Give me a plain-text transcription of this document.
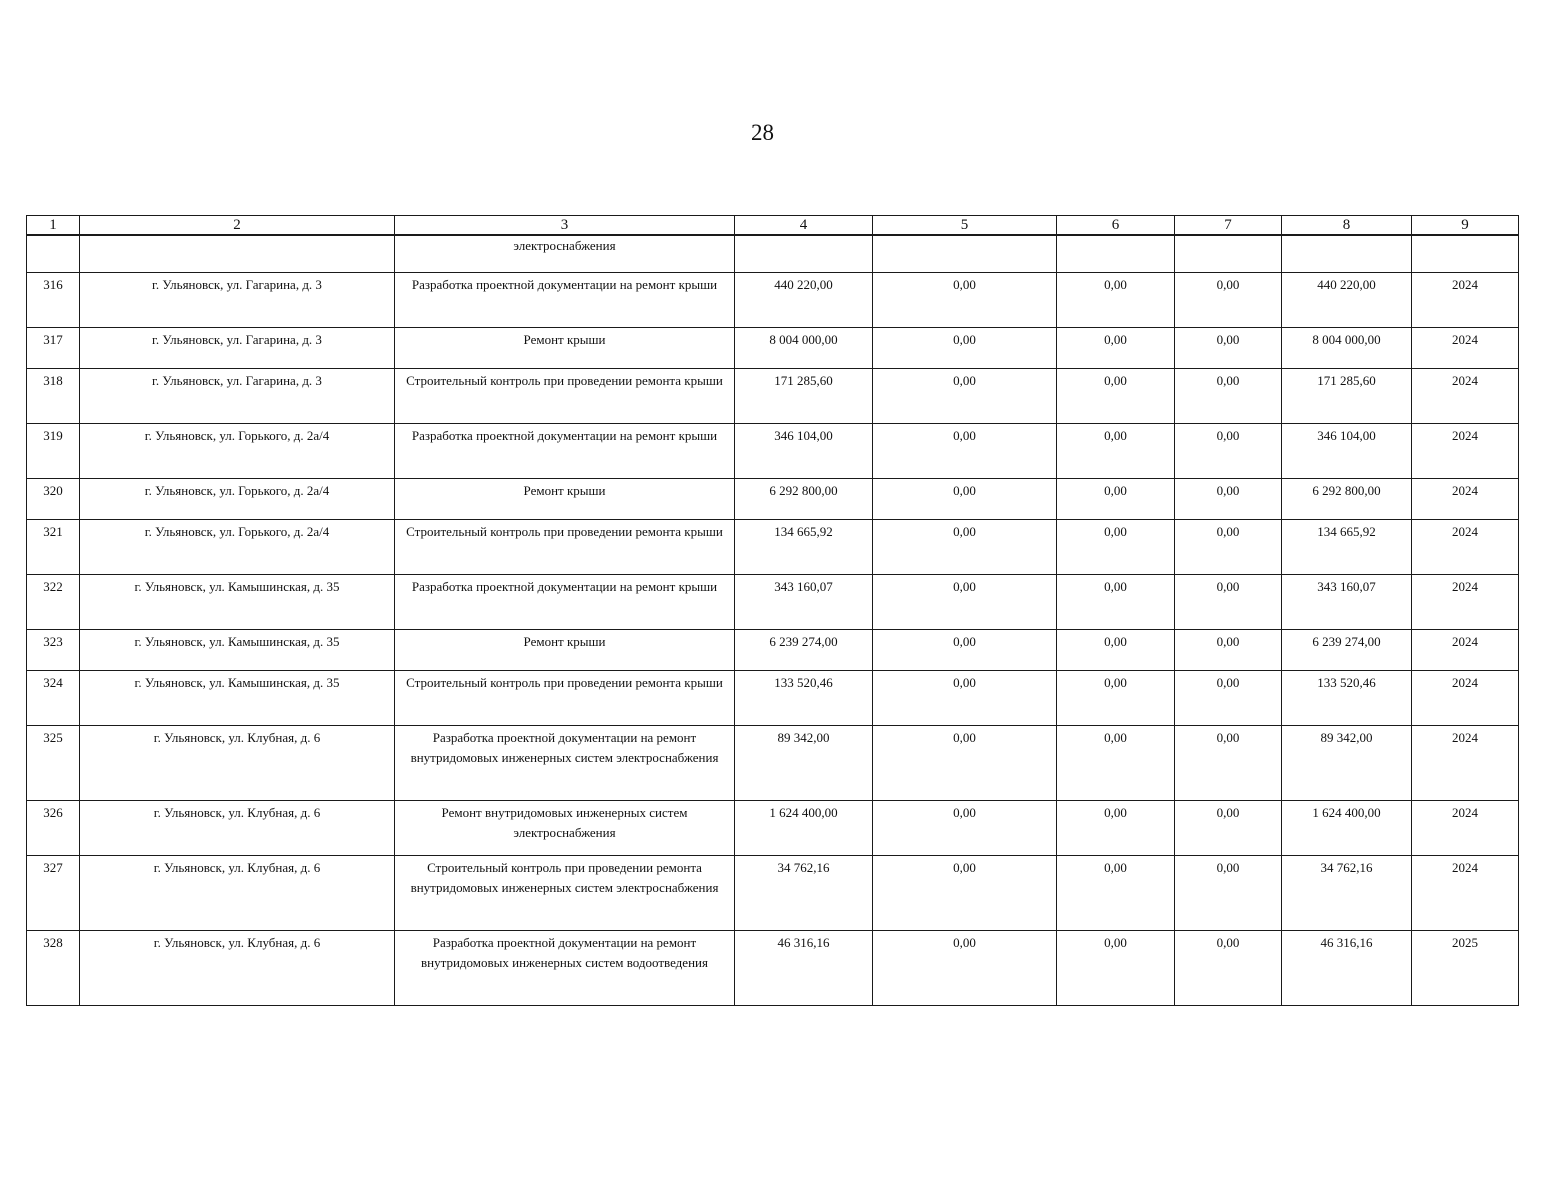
28
1	2	3	4	5	6	7	8	9
		электроснабжения						
316	г. Ульяновск, ул. Гагарина, д. 3	Разработка проектной документации на ремонт крыши	440 220,00	0,00	0,00	0,00	440 220,00	2024
317	г. Ульяновск, ул. Гагарина, д. 3	Ремонт крыши	8 004 000,00	0,00	0,00	0,00	8 004 000,00	2024
318	г. Ульяновск, ул. Гагарина, д. 3	Строительный контроль при проведении ремонта крыши	171 285,60	0,00	0,00	0,00	171 285,60	2024
319	г. Ульяновск, ул. Горького, д. 2а/4	Разработка проектной документации на ремонт крыши	346 104,00	0,00	0,00	0,00	346 104,00	2024
320	г. Ульяновск, ул. Горького, д. 2а/4	Ремонт крыши	6 292 800,00	0,00	0,00	0,00	6 292 800,00	2024
321	г. Ульяновск, ул. Горького, д. 2а/4	Строительный контроль при проведении ремонта крыши	134 665,92	0,00	0,00	0,00	134 665,92	2024
322	г. Ульяновск, ул. Камышинская, д. 35	Разработка проектной документации на ремонт крыши	343 160,07	0,00	0,00	0,00	343 160,07	2024
323	г. Ульяновск, ул. Камышинская, д. 35	Ремонт крыши	6 239 274,00	0,00	0,00	0,00	6 239 274,00	2024
324	г. Ульяновск, ул. Камышинская, д. 35	Строительный контроль при проведении ремонта крыши	133 520,46	0,00	0,00	0,00	133 520,46	2024
325	г. Ульяновск, ул. Клубная, д. 6	Разработка проектной документации на ремонт внутридомовых инженерных систем электроснабжения	89 342,00	0,00	0,00	0,00	89 342,00	2024
326	г. Ульяновск, ул. Клубная, д. 6	Ремонт внутридомовых инженерных систем электроснабжения	1 624 400,00	0,00	0,00	0,00	1 624 400,00	2024
327	г. Ульяновск, ул. Клубная, д. 6	Строительный контроль при проведении ремонта внутридомовых инженерных систем электроснабжения	34 762,16	0,00	0,00	0,00	34 762,16	2024
328	г. Ульяновск, ул. Клубная, д. 6	Разработка проектной документации на ремонт внутридомовых инженерных систем водоотведения	46 316,16	0,00	0,00	0,00	46 316,16	2025
